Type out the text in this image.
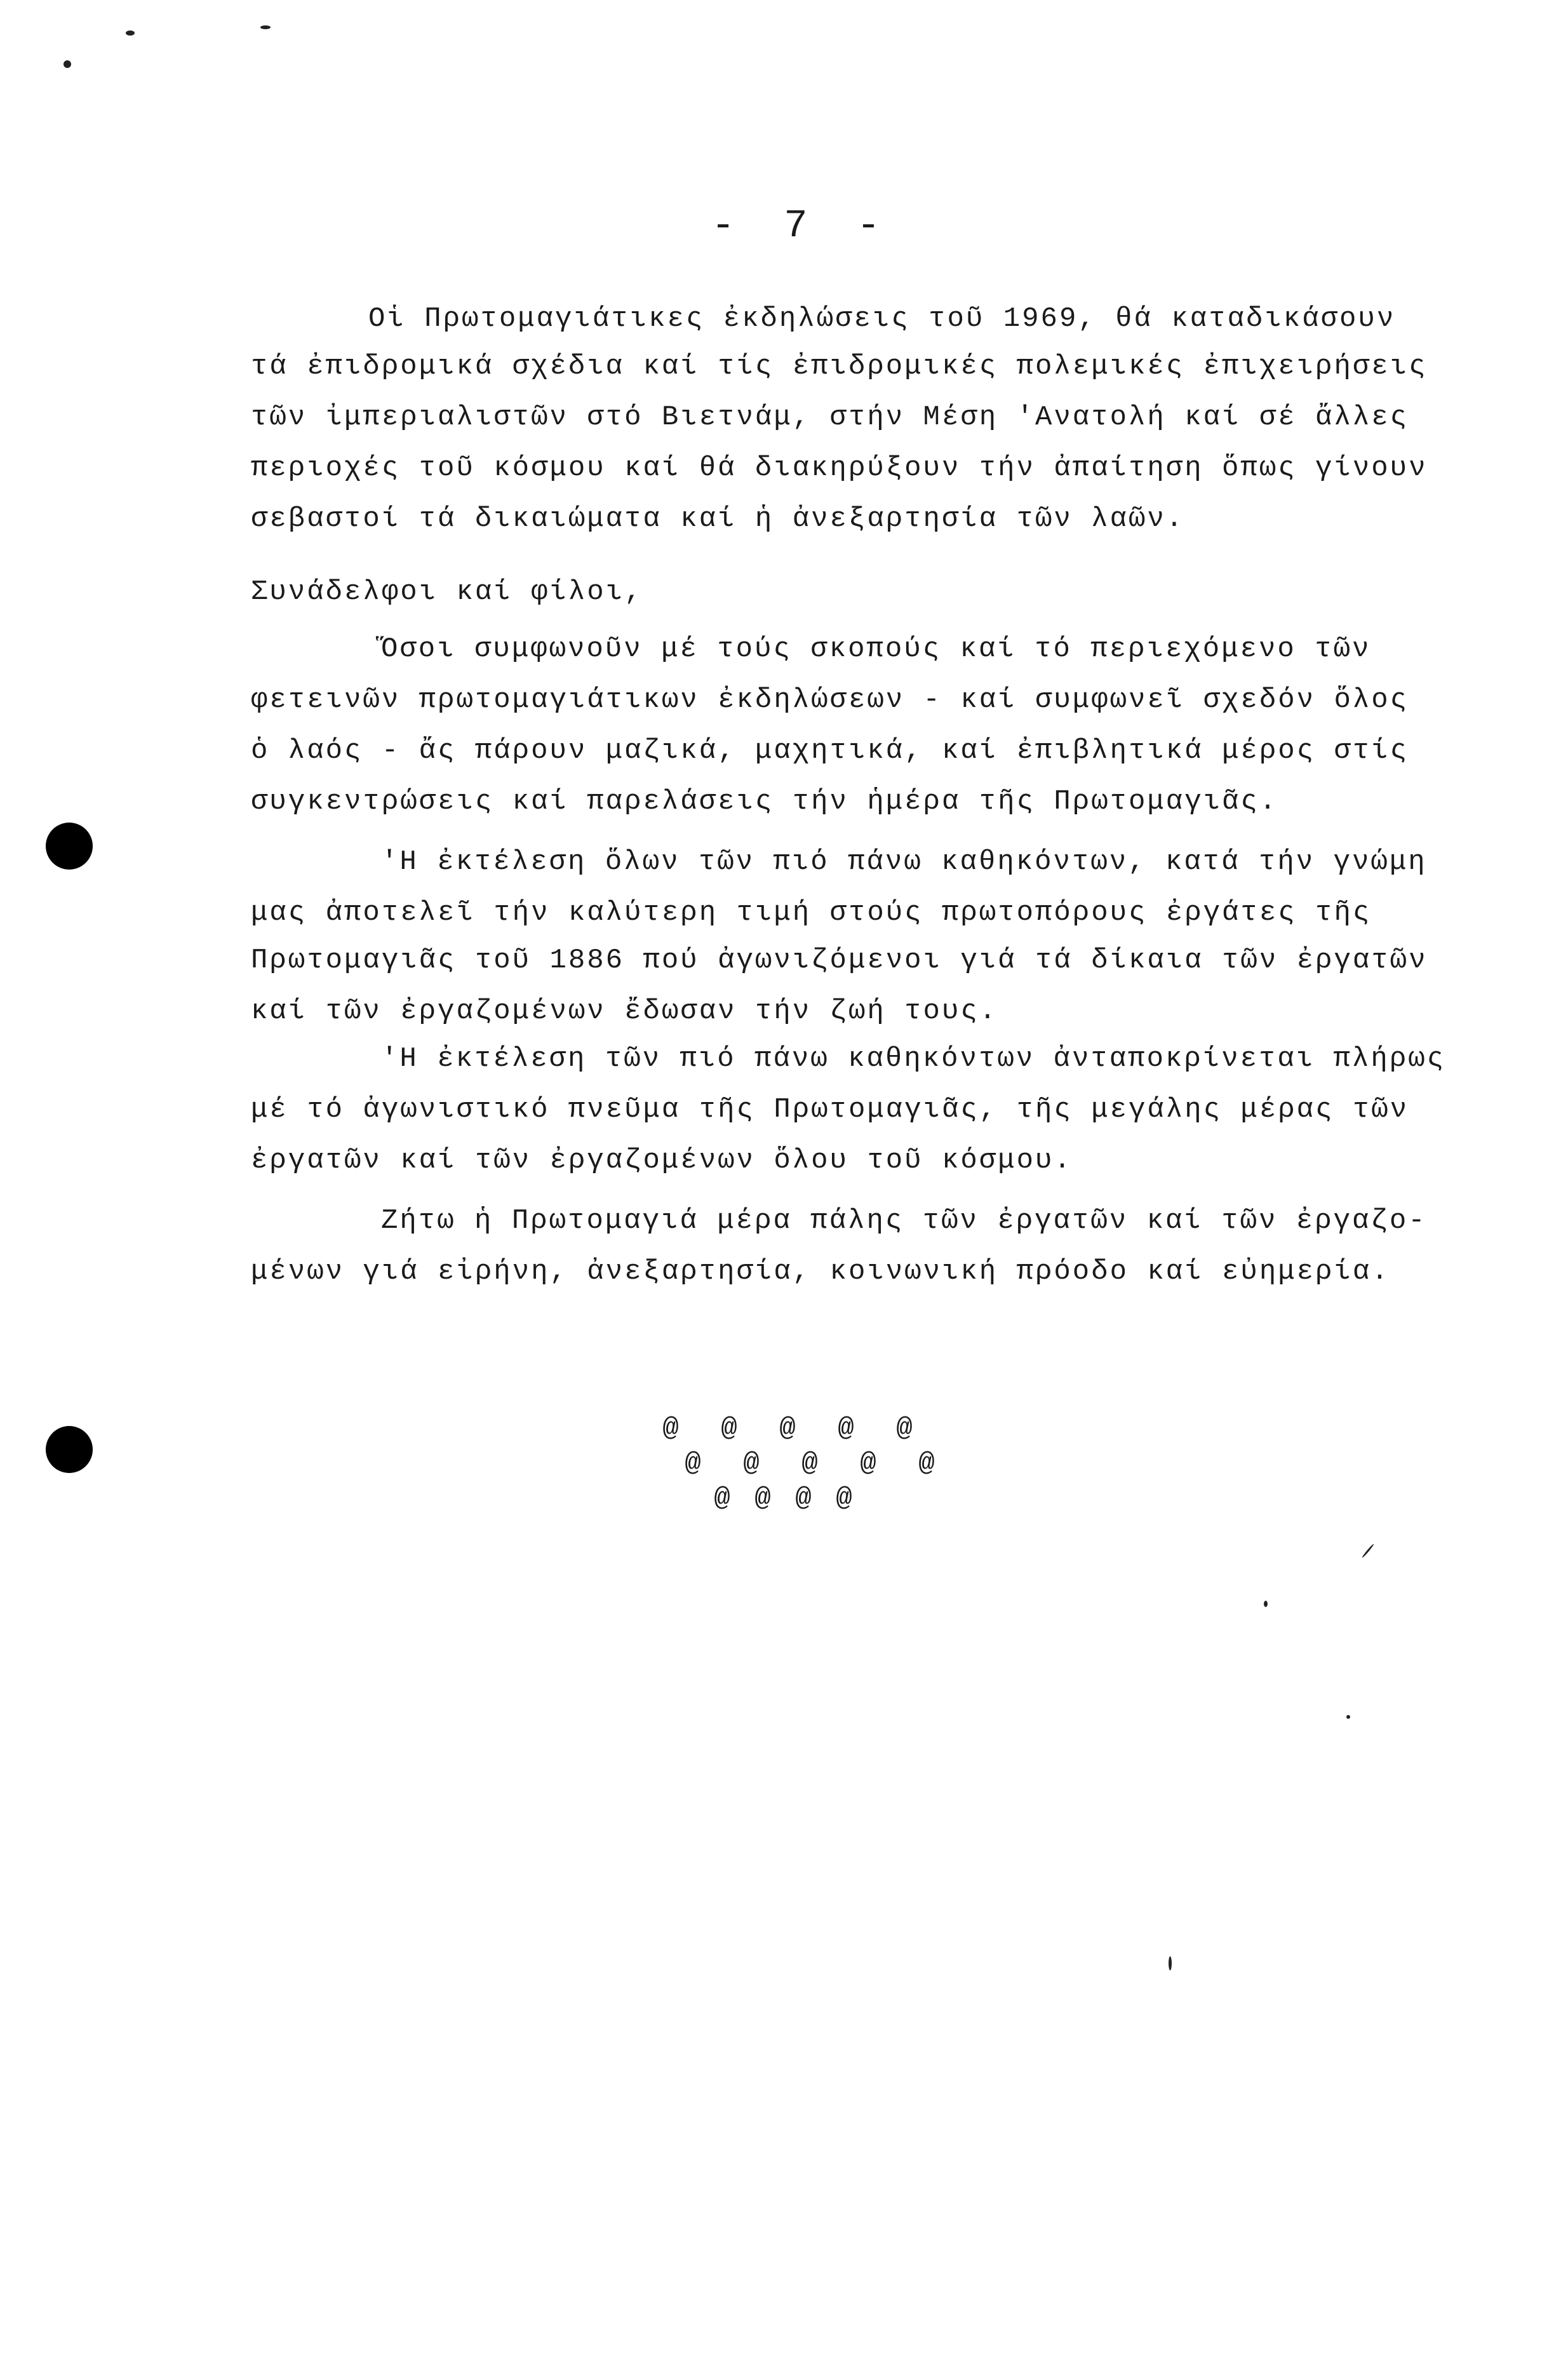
- 7 -
Οἱ Πρωτομαγιάτικες ἐκδηλώσεις τοῦ 1969, θά καταδικάσουν
τά ἐπιδρομικά σχέδια καί τίς ἐπιδρομικές πολεμικές ἐπιχειρήσεις
τῶν ἰμπεριαλιστῶν στό Βιετνάμ, στήν Μέση 'Ανατολή καί σέ ἄλλες
περιοχές τοῦ κόσμου καί θά διακηρύξουν τήν ἀπαίτηση ὅπως γίνουν
σεβαστοί τά δικαιώματα καί ἡ ἀνεξαρτησία τῶν λαῶν.
Συνάδελφοι καί φίλοι,
Ὅσοι συμφωνοῦν μέ τούς σκοπούς καί τό περιεχόμενο τῶν
φετεινῶν πρωτομαγιάτικων ἐκδηλώσεων - καί συμφωνεῖ σχεδόν ὅλος
ὁ λαός - ἄς πάρουν μαζικά, μαχητικά, καί ἐπιβλητικά μέρος στίς
συγκεντρώσεις καί παρελάσεις τήν ἡμέρα τῆς Πρωτομαγιᾶς.
'Η ἐκτέλεση ὅλων τῶν πιό πάνω καθηκόντων, κατά τήν γνώμη
μας ἀποτελεῖ τήν καλύτερη τιμή στούς πρωτοπόρους ἐργάτες τῆς
Πρωτομαγιᾶς τοῦ 1886 πού ἀγωνιζόμενοι γιά τά δίκαια τῶν ἐργατῶν
καί τῶν ἐργαζομένων ἔδωσαν τήν ζωή τους.
'Η ἐκτέλεση τῶν πιό πάνω καθηκόντων ἀνταποκρίνεται πλήρως
μέ τό ἀγωνιστικό πνεῦμα τῆς Πρωτομαγιᾶς, τῆς μεγάλης μέρας τῶν
ἐργατῶν καί τῶν ἐργαζομένων ὅλου τοῦ κόσμου.
Ζήτω ἡ Πρωτομαγιά μέρα πάλης τῶν ἐργατῶν καί τῶν ἐργαζο-
μένων γιά εἰρήνη, ἀνεξαρτησία, κοινωνική πρόοδο καί εὐημερία.
@ @ @ @ @
@ @ @ @ @
@ @ @ @
